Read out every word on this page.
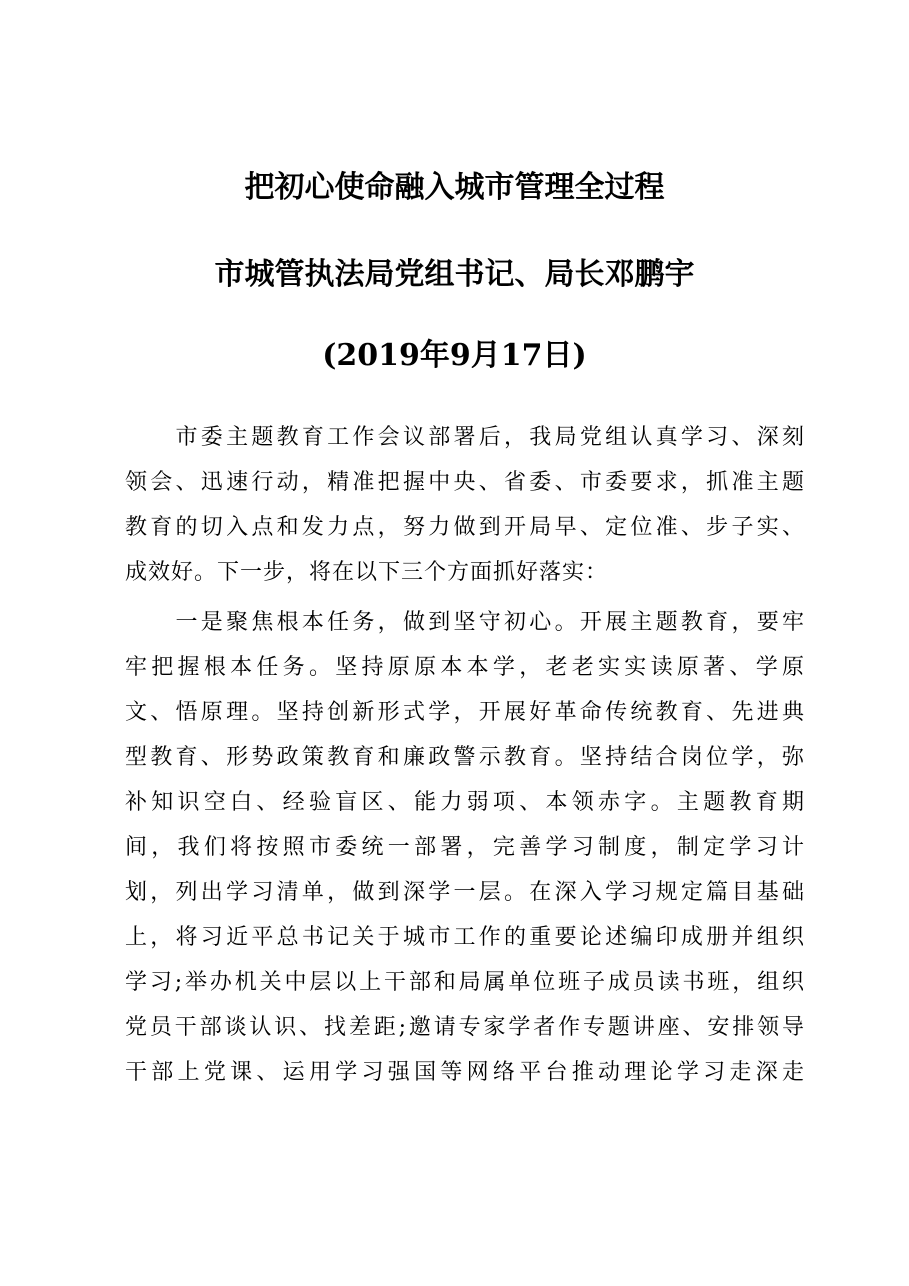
把初心使命融入城市管理全过程
市城管执法局党组书记、局长邓鹏宇
(2019年9月17日)
　　市委主题教育工作会议部署后，我局党组认真学习、深刻
领会、迅速行动，精准把握中央、省委、市委要求，抓准主题
教育的切入点和发力点，努力做到开局早、定位准、步子实、
成效好。下一步，将在以下三个方面抓好落实：
　　一是聚焦根本任务，做到坚守初心。开展主题教育，要牢
牢把握根本任务。坚持原原本本学，老老实实读原著、学原
文、悟原理。坚持创新形式学，开展好革命传统教育、先进典
型教育、形势政策教育和廉政警示教育。坚持结合岗位学，弥
补知识空白、经验盲区、能力弱项、本领赤字。主题教育期
间，我们将按照市委统一部署，完善学习制度，制定学习计
划，列出学习清单，做到深学一层。在深入学习规定篇目基础
上，将习近平总书记关于城市工作的重要论述编印成册并组织
学习;举办机关中层以上干部和局属单位班子成员读书班，组织
党员干部谈认识、找差距;邀请专家学者作专题讲座、安排领导
干部上党课、运用学习强国等网络平台推动理论学习走深走
